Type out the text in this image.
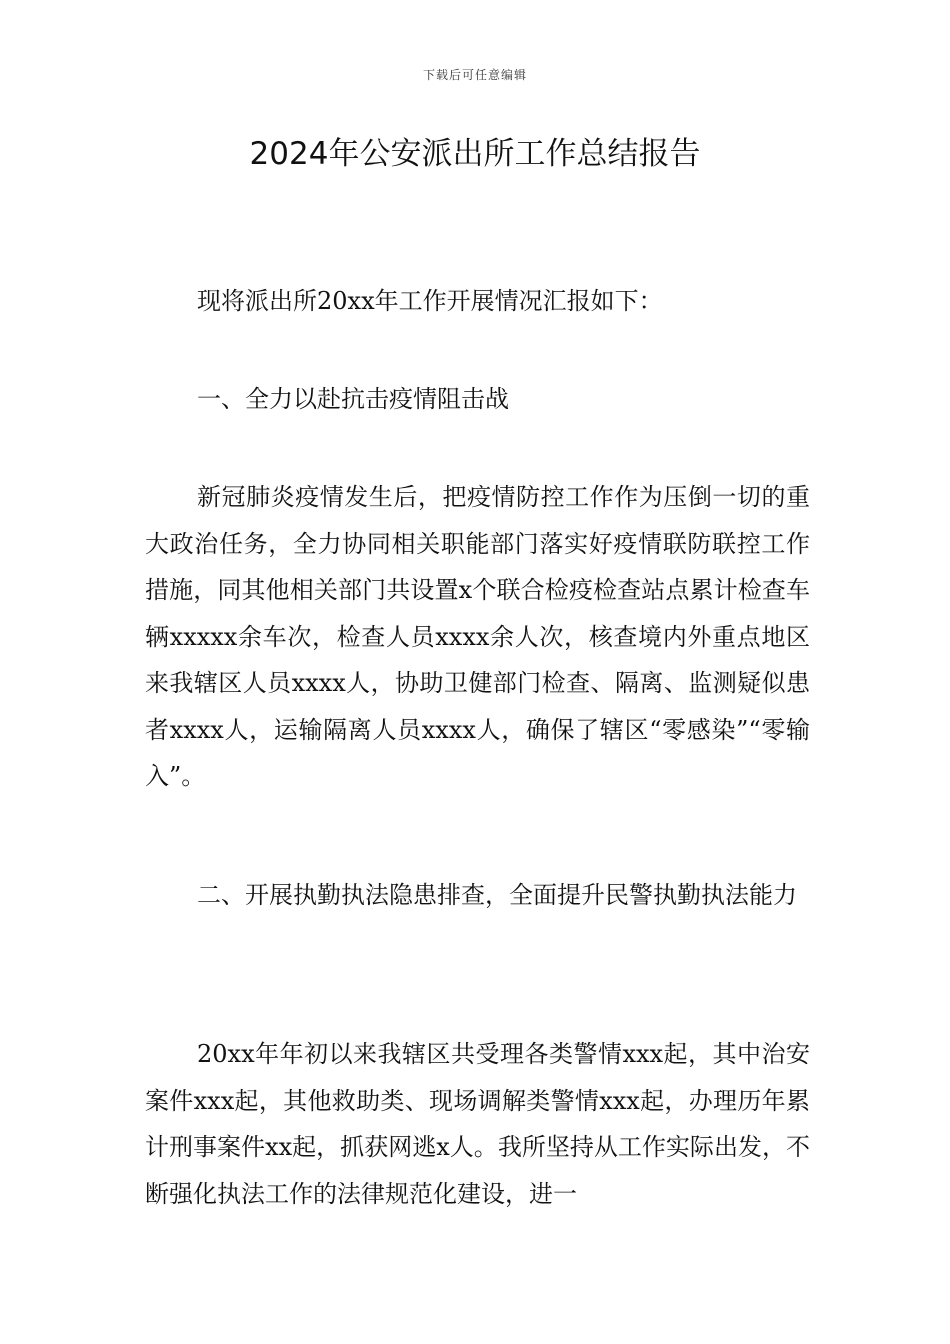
下载后可任意编辑
2024年公安派出所工作总结报告

现将派出所20xx年工作开展情况汇报如下：

一、全力以赴抗击疫情阻击战

新冠肺炎疫情发生后，把疫情防控工作作为压倒一切的重大政治任务，全力协同相关职能部门落实好疫情联防联控工作措施，同其他相关部门共设置x个联合检疫检查站点累计检查车辆xxxxx余车次，检查人员xxxx余人次，核查境内外重点地区来我辖区人员xxxx人，协助卫健部门检查、隔离、监测疑似患者xxxx人，运输隔离人员xxxx人，确保了辖区“零感染”“零输入”。

二、开展执勤执法隐患排查，全面提升民警执勤执法能力

20xx年年初以来我辖区共受理各类警情xxx起，其中治安案件xxx起，其他救助类、现场调解类警情xxx起，办理历年累计刑事案件xx起，抓获网逃x人。我所坚持从工作实际出发，不断强化执法工作的法律规范化建设，进一
